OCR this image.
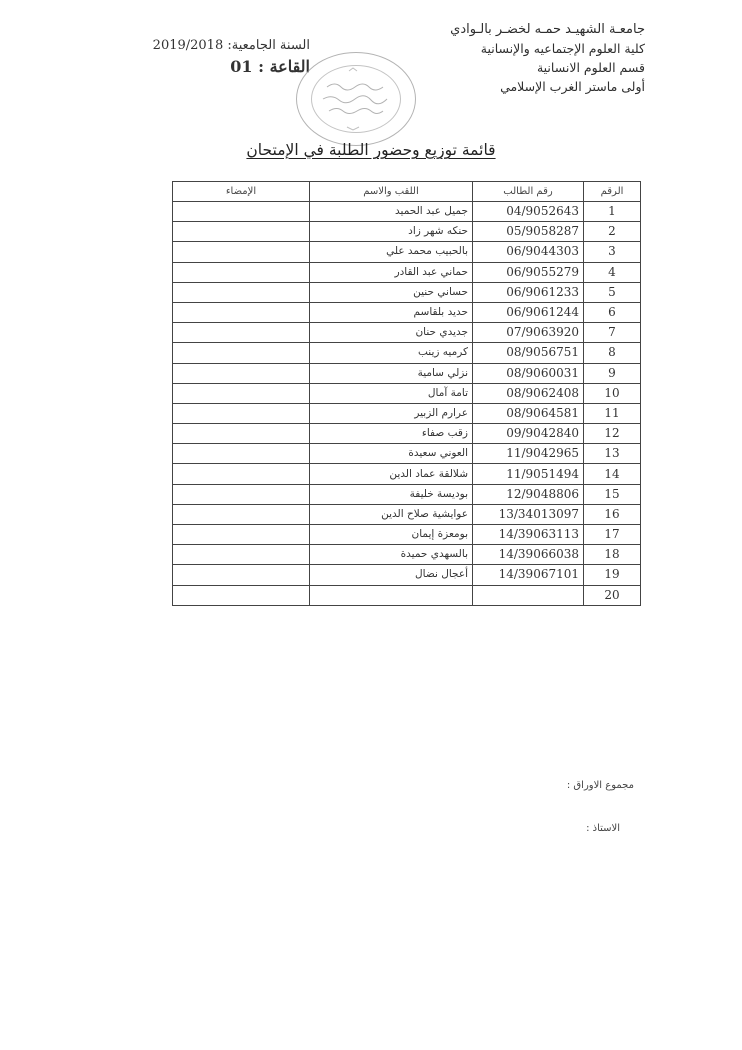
جامعـة الشهيـد حمـه لخضـر بالـوادي
كلية العلوم الإجتماعيه والإنسانية
قسم العلوم الانسانية
أولى ماستر الغرب الإسلامي
السنة الجامعية: 2019/2018
القاعة : 01
قائمة توزيع وحضور الطلبة في الإمتحان
الرقم	رقم الطالب	اللقب والاسم	الإمضاء
1	04/9052643	جميل عبد الحميد	
2	05/9058287	حنكه شهر زاد	
3	06/9044303	بالحبيب محمد علي	
4	06/9055279	حماني عبد القادر	
5	06/9061233	حساني حنين	
6	06/9061244	حديد بلقاسم	
7	07/9063920	جديدي حنان	
8	08/9056751	كرميه زينب	
9	08/9060031	نزلي سامية	
10	08/9062408	تامة آمال	
11	08/9064581	عرارم الزبير	
12	09/9042840	زقب صفاء	
13	11/9042965	العوني سعيدة	
14	11/9051494	شلالقة عماد الدين	
15	12/9048806	بوديسة خليفة	
16	13/34013097	عوايشية صلاح الدين	
17	14/39063113	بومعزة إيمان	
18	14/39066038	بالسهدي حميدة	
19	14/39067101	أعجال نضال	
20			
مجموع الاوراق :
الاستاذ :
